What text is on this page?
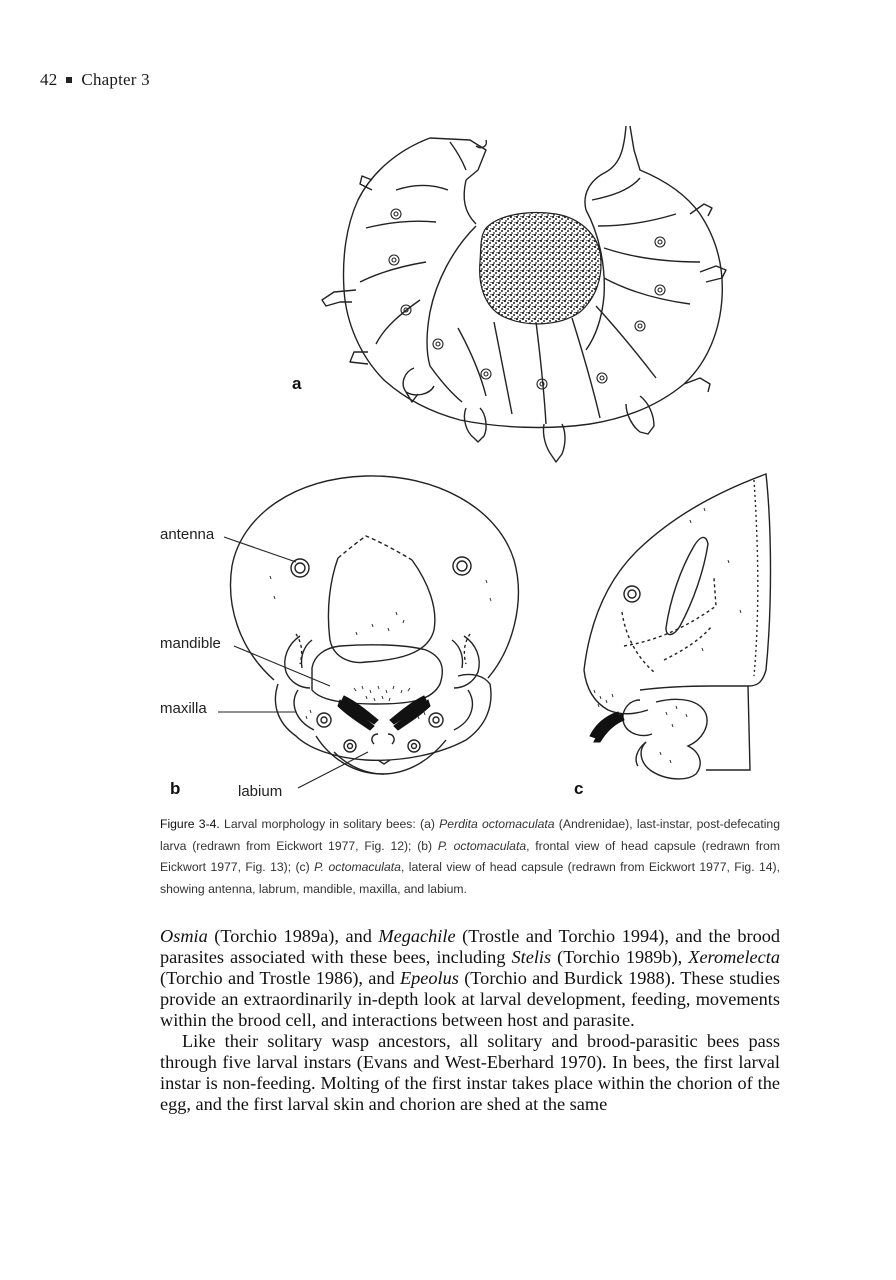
42 Chapter 3
a
antenna
mandible
maxilla
labium
b	c
Figure 3-4. Larval morphology in solitary bees: (a) Perdita octomaculata (Andrenidae), last-instar, post-defecating larva (redrawn from Eickwort 1977, Fig. 12); (b) P. octomaculata, frontal view of head capsule (redrawn from Eickwort 1977, Fig. 13); (c) P. octomaculata, lateral view of head capsule (redrawn from Eickwort 1977, Fig. 14), showing antenna, labrum, mandible, maxilla, and labium.

Osmia (Torchio 1989a), and Megachile (Trostle and Torchio 1994), and the brood parasites associated with these bees, including Stelis (Torchio 1989b), Xeromelecta (Torchio and Trostle 1986), and Epeolus (Torchio and Burdick 1988). These studies provide an extraordinarily in-depth look at larval development, feeding, movements within the brood cell, and interactions between host and parasite.

Like their solitary wasp ancestors, all solitary and brood-parasitic bees pass through five larval instars (Evans and West-Eberhard 1970). In bees, the first larval instar is non-feeding. Molting of the first instar takes place within the chorion of the egg, and the first larval skin and chorion are shed at the same
